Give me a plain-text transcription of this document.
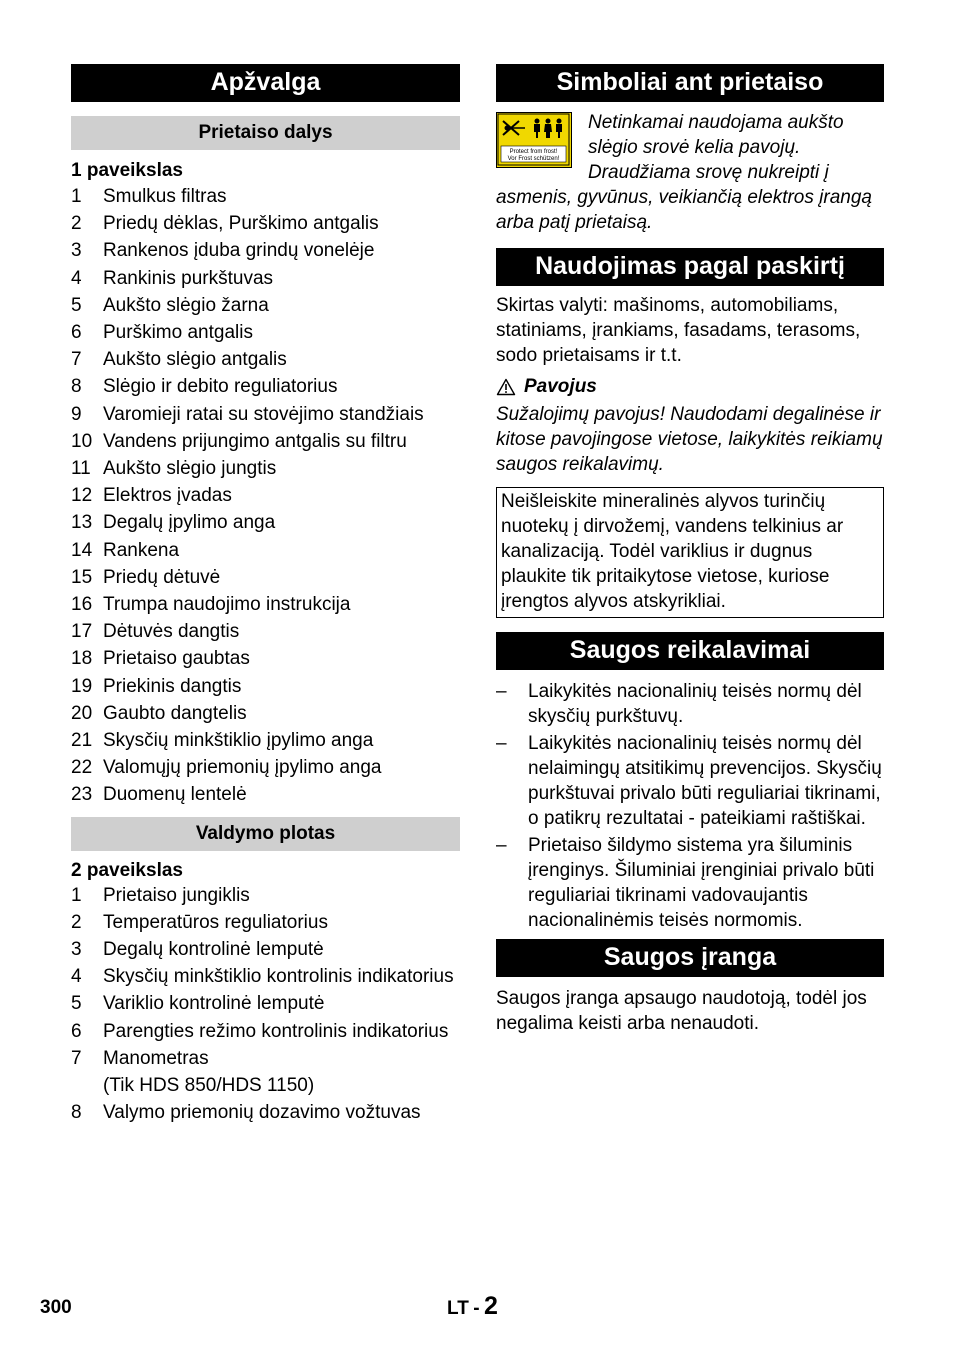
Apžvalga
Prietaiso dalys
1 paveikslas
1	Smulkus filtras
2	Priedų dėklas, Purškimo antgalis
3	Rankenos įduba grindų vonelėje
4	Rankinis purkštuvas
5	Aukšto slėgio žarna
6	Purškimo antgalis
7	Aukšto slėgio antgalis
8	Slėgio ir debito reguliatorius
9	Varomieji ratai su stovėjimo standžiais
10 Vandens prijungimo antgalis su filtru
11 Aukšto slėgio jungtis
12 Elektros įvadas
13 Degalų įpylimo anga
14 Rankena
15 Priedų dėtuvė
16 Trumpa naudojimo instrukcija
17 Dėtuvės dangtis
18 Prietaiso gaubtas
19 Priekinis dangtis
20 Gaubto dangtelis
21 Skysčių minkštiklio įpylimo anga
22 Valomųjų priemonių įpylimo anga
23 Duomenų lentelė
Valdymo plotas
2 paveikslas
1	Prietaiso jungiklis
2	Temperatūros reguliatorius
3	Degalų kontrolinė lemputė
4	Skysčių minkštiklio kontrolinis indikatorius
5	Variklio kontrolinė lemputė
6	Parengties režimo kontrolinis indikatorius
7	Manometras
(Tik HDS 850/HDS 1150)
8	Valymo priemonių dozavimo vožtuvas
Simboliai ant prietaiso
Protect from frost!
Vor Frost schützen!
Netinkamai naudojama aukšto slėgio srovė kelia pavojų. Draudžiama srovę nukreipti į asmenis, gyvūnus, veikiančią elektros įrangą arba patį prietaisą.
Naudojimas pagal paskirtį
Skirtas valyti: mašinoms, automobiliams, statiniams, įrankiams, fasadams, terasoms, sodo prietaisams ir t.t.
Pavojus
Sužalojimų pavojus! Naudodami degalinėse ir kitose pavojingose vietose, laikykitės reikiamų saugos reikalavimų.
Neišleiskite mineralinės alyvos turinčių nuotekų į dirvožemį, vandens telkinius ar kanalizaciją. Todėl variklius ir dugnus plaukite tik pritaikytose vietose, kuriose įrengtos alyvos atskyrikliai.
Saugos reikalavimai
–	Laikykitės nacionalinių teisės normų dėl skysčių purkštuvų.
–	Laikykitės nacionalinių teisės normų dėl nelaimingų atsitikimų prevencijos. Skysčių purkštuvai privalo būti reguliariai tikrinami, o patikrų rezultatai - pateikiami raštiškai.
–	Prietaiso šildymo sistema yra šiluminis įrenginys. Šiluminiai įrenginiai privalo būti reguliariai tikrinami vadovaujantis nacionalinėmis teisės normomis.
Saugos įranga
Saugos įranga apsaugo naudotoją, todėl jos negalima keisti arba nenaudoti.
300	LT - 2
